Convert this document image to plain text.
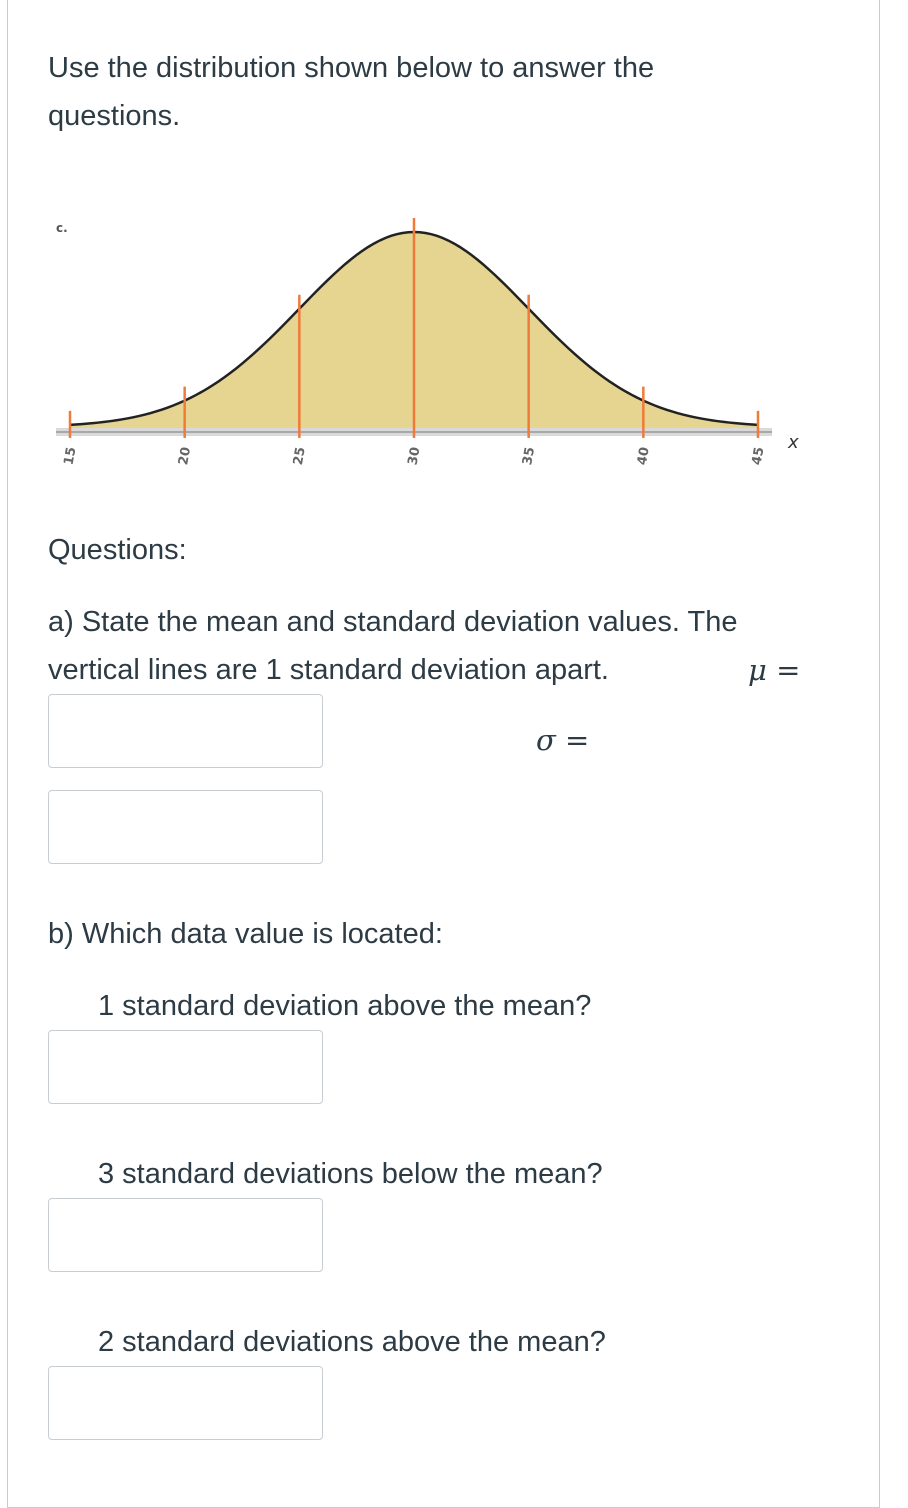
Use the distribution shown below to answer the questions.
c.
15	20	25	30	35	40	45
x
Questions:
a) State the mean and standard deviation values. The vertical lines are 1 standard deviation apart.	μ =
σ =
b) Which data value is located:
1 standard deviation above the mean?
3 standard deviations below the mean?
2 standard deviations above the mean?
